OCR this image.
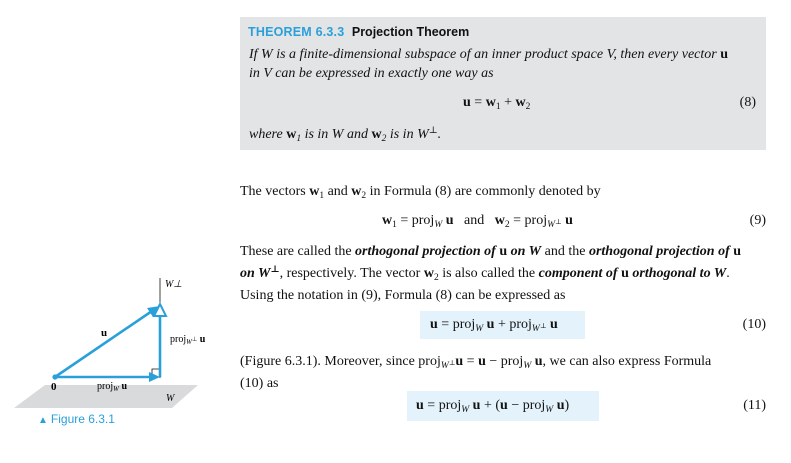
THEOREM 6.3.3 Projection Theorem
If W is a finite-dimensional subspace of an inner product space V, then every vector u
in V can be expressed in exactly one way as
$u = w_1 + w_2$	(8)
where $w_1$ is in W and $w_2$ is in W⊥.
The vectors $w_1$ and $w_2$ in Formula (8) are commonly denoted by
$w_1$ = proj$_W$ u and $w_2$ = proj$_{W^\perp}$ u	(9)
These are called the orthogonal projection of u on W and the orthogonal projection of u
on W⊥, respectively. The vector $w_2$ is also called the component of u orthogonal to W.
Using the notation in (9), Formula (8) can be expressed as
u = proj$_W$ u + proj$_{W^\perp}$ u	(10)
(Figure 6.3.1). Moreover, since proj$_{W^\perp}$u = u − proj$_W$ u, we can also express Formula
(10) as
u = proj$_W$ u + (u − proj$_W$ u)	(11)
0
u
proj$_W$ u
proj$_W$⊥ u
W⊥
W
▲ Figure 6.3.1
